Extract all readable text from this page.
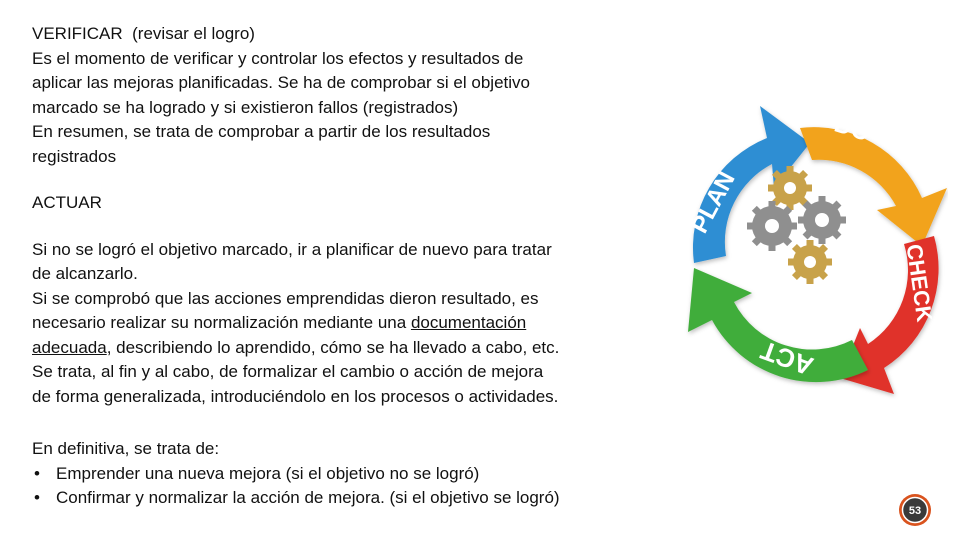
VERIFICAR (revisar el logro)

Es el momento de verificar y controlar los efectos y resultados de

aplicar las mejoras planificadas. Se ha de comprobar si el objetivo

marcado se ha logrado y si existieron fallos (registrados)

En resumen, se trata de comprobar a partir de los resultados

registrados

ACTUAR

Si no se logró el objetivo marcado, ir a planificar de nuevo para tratar

de alcanzarlo.

Si se comprobó que las acciones emprendidas dieron resultado, es

necesario realizar su normalización mediante una documentación

adecuada, describiendo lo aprendido, cómo se ha llevado a cabo, etc.

Se trata, al fin y al cabo, de formalizar el cambio o acción de mejora

de forma generalizada, introduciéndolo en los procesos o actividades.

En definitiva, se trata de:

• Emprender una nueva mejora (si el objetivo no se logró)
• Confirmar y normalizar la acción de mejora. (si el objetivo se logró)
PLAN
DO
CHECK
ACT
53
